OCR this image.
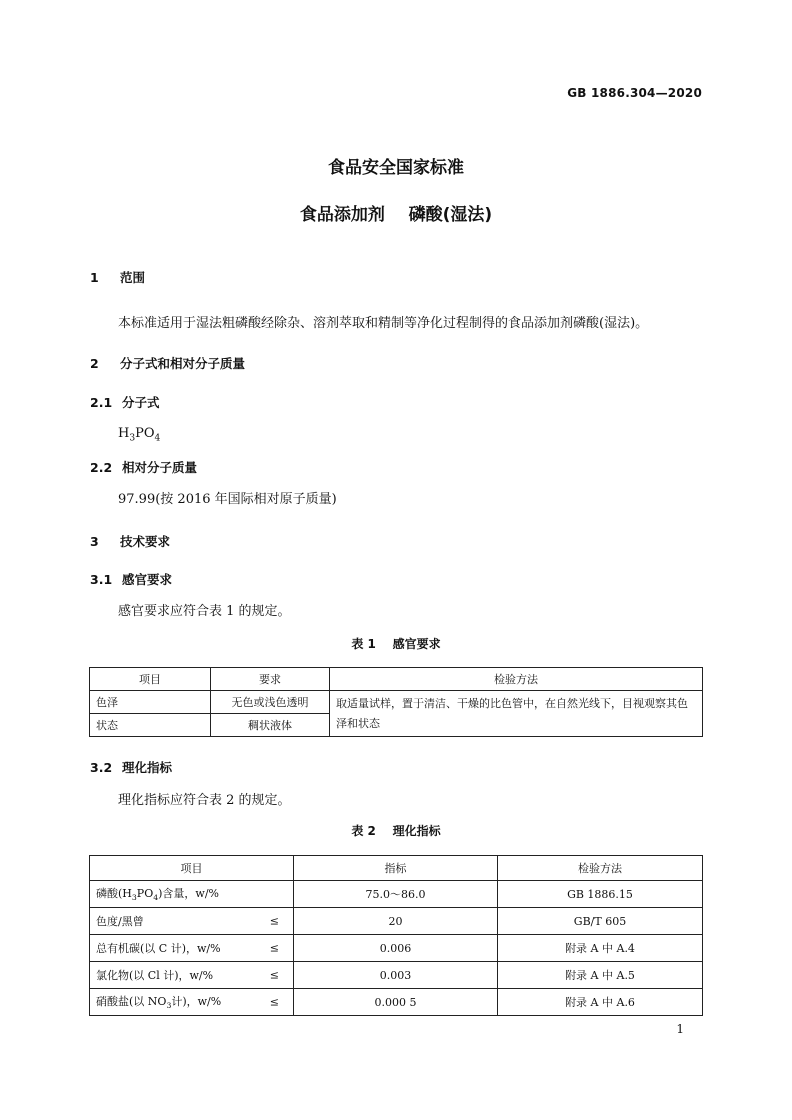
GB 1886.304—2020
食品安全国家标准
食品添加剂    磷酸(湿法)
1 范围
本标准适用于湿法粗磷酸经除杂、溶剂萃取和精制等净化过程制得的食品添加剂磷酸(湿法)。
2 分子式和相对分子质量
2.1 分子式
$H_3PO_4$
2.2 相对分子质量
97.99(按 2016 年国际相对原子质量)
3 技术要求
3.1 感官要求
感官要求应符合表 1 的规定。
表 1    感官要求
项目	要求	检验方法
色泽	无色或浅色透明	取适量试样，置于清洁、干燥的比色管中，在自然光线下，目视观察其色泽和状态
状态	稠状液体	
3.2 理化指标
理化指标应符合表 2 的规定。
表 2    理化指标
项目	指标	检验方法
磷酸$(H_3PO_4)$含量，w/%	75.0～86.0	GB 1886.15
色度/黑曾 ≤	20	GB/T 605
总有机碳(以 C 计)，w/% ≤	0.006	附录 A 中 A.4
氯化物(以 Cl 计)，w/% ≤	0.003	附录 A 中 A.5
硝酸盐(以 $NO_3$计)，w/% ≤	0.000 5	附录 A 中 A.6
1
